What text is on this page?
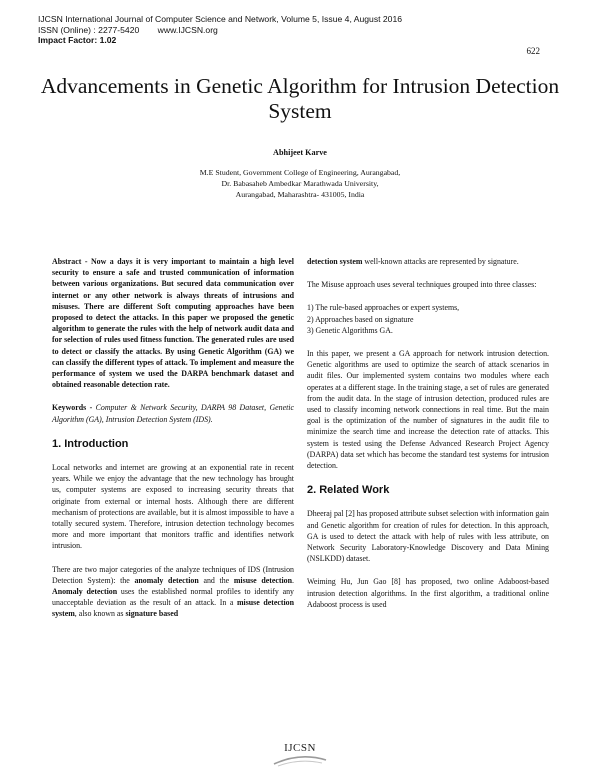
IJCSN International Journal of Computer Science and Network, Volume 5, Issue 4, August 2016
ISSN (Online) : 2277-5420 www.IJCSN.org
Impact Factor: 1.02
622
Advancements in Genetic Algorithm for Intrusion Detection System
Abhijeet Karve
M.E Student, Government College of Engineering, Aurangabad,
Dr. Babasaheb Ambedkar Marathwada University,
Aurangabad, Maharashtra- 431005, India

Abstract - Now a days it is very important to maintain a high level security to ensure a safe and trusted communication of information between various organizations. But secured data communication over internet or any other network is always threats of intrusions and misuses. There are different Soft computing approaches have been proposed to detect the attacks. In this paper we proposed the genetic algorithm to generate the rules with the help of network audit data and for selection of rules used fitness function. The generated rules are used to detect or classify the attacks. By using Genetic Algorithm (GA) we can classify the different types of attack. To implement and measure the performance of system we used the DARPA benchmark dataset and obtained reasonable detection rate.

Keywords - Computer & Network Security, DARPA 98 Dataset, Genetic Algorithm (GA), Intrusion Detection System (IDS).

1. Introduction

Local networks and internet are growing at an exponential rate in recent years. While we enjoy the advantage that the new technology has brought us, computer systems are exposed to increasing security threats that originate from external or internal hosts. Although there are different mechanism of protections are available, but it is almost impossible to have a totally secured system. Therefore, intrusion detection technology becomes more and more important that monitors traffic and identifies network intrusion.

There are two major categories of the analyze techniques of IDS (Intrusion Detection System): the anomaly detection and the misuse detection. Anomaly detection uses the established normal profiles to identify any unacceptable deviation as the result of an attack. In a misuse detection system, also known as signature based

detection system well-known attacks are represented by signature.

The Misuse approach uses several techniques grouped into three classes:

1) The rule-based approaches or expert systems,
2) Approaches based on signature
3) Genetic Algorithms GA.

In this paper, we present a GA approach for network intrusion detection. Genetic algorithms are used to optimize the search of attack scenarios in audit files. Our implemented system contains two modules where each operates at a different stage. In the training stage, a set of rules are generated from the audit data. In the stage of intrusion detection, produced rules are used to classify incoming network connections in real time. But the main goal is the optimization of the number of signatures in the audit file to minimize the search time and increase the detection rate of attacks. This system is tested using the Defense Advanced Research Project Agency (DARPA) data set which has become the standard test systems for intrusion detection.

2. Related Work

Dheeraj pal [2] has proposed attribute subset selection with information gain and Genetic algorithm for creation of rules for detection. In this approach, GA is used to detect the attack with help of rules with less attribute, on Network Security Laboratory-Knowledge Discovery and Data Mining (NSLKDD) dataset.

Weiming Hu, Jun Gao [8] has proposed, two online Adaboost-based intrusion detection algorithms. In the first algorithm, a traditional online Adaboost process is used

IJCSN
